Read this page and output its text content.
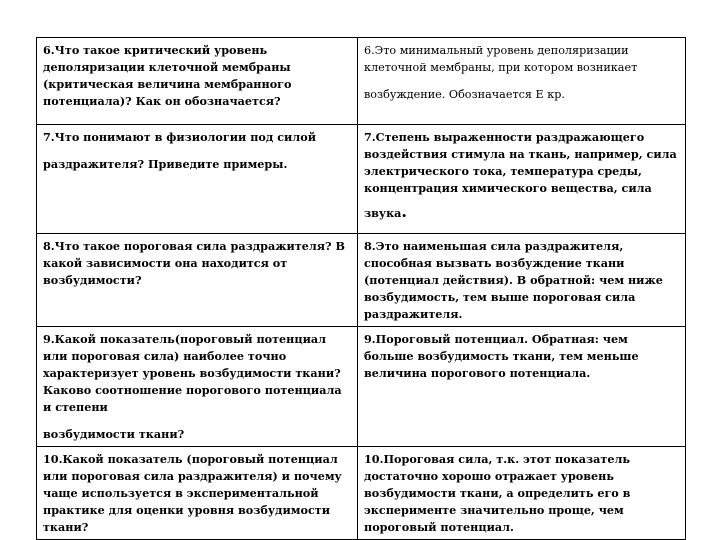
6.Что такое критический уровень деполяризации клеточной мембраны (критическая величина мембранного потенциала)? Как он обозначается?	6.Это минимальный уровень деполяризации клеточной мембраны, при котором возникает
возбуждение. Обозначается Е кр.

7.Что понимают в физиологии под силой
раздражителя? Приведите примеры.	7.Степень выраженности раздражающего воздействия стимула на ткань, например, сила электрического тока, температура среды, концентрация химического вещества, сила
звука.

8.Что такое пороговая сила раздражителя? В какой зависимости она находится от возбудимости?	8.Это наименьшая сила раздражителя, способная вызвать возбуждение ткани (потенциал действия). В обратной: чем ниже возбудимость, тем выше пороговая сила раздражителя.
9.Какой показатель(пороговый потенциал или пороговая сила) наиболее точно характеризует уровень возбудимости ткани? Каково соотношение порогового потенциала и степени
возбудимости ткани?	9.Пороговый потенциал. Обратная: чем больше возбудимость ткани, тем меньше величина порогового потенциала.
10.Какой показатель (пороговый потенциал или пороговая сила раздражителя) и почему чаще используется в экспериментальной практике для оценки уровня возбудимости ткани?	10.Пороговая сила, т.к. этот показатель достаточно хорошо отражает уровень возбудимости ткани, а определить его в эксперименте значительно проще, чем пороговый потенциал.
